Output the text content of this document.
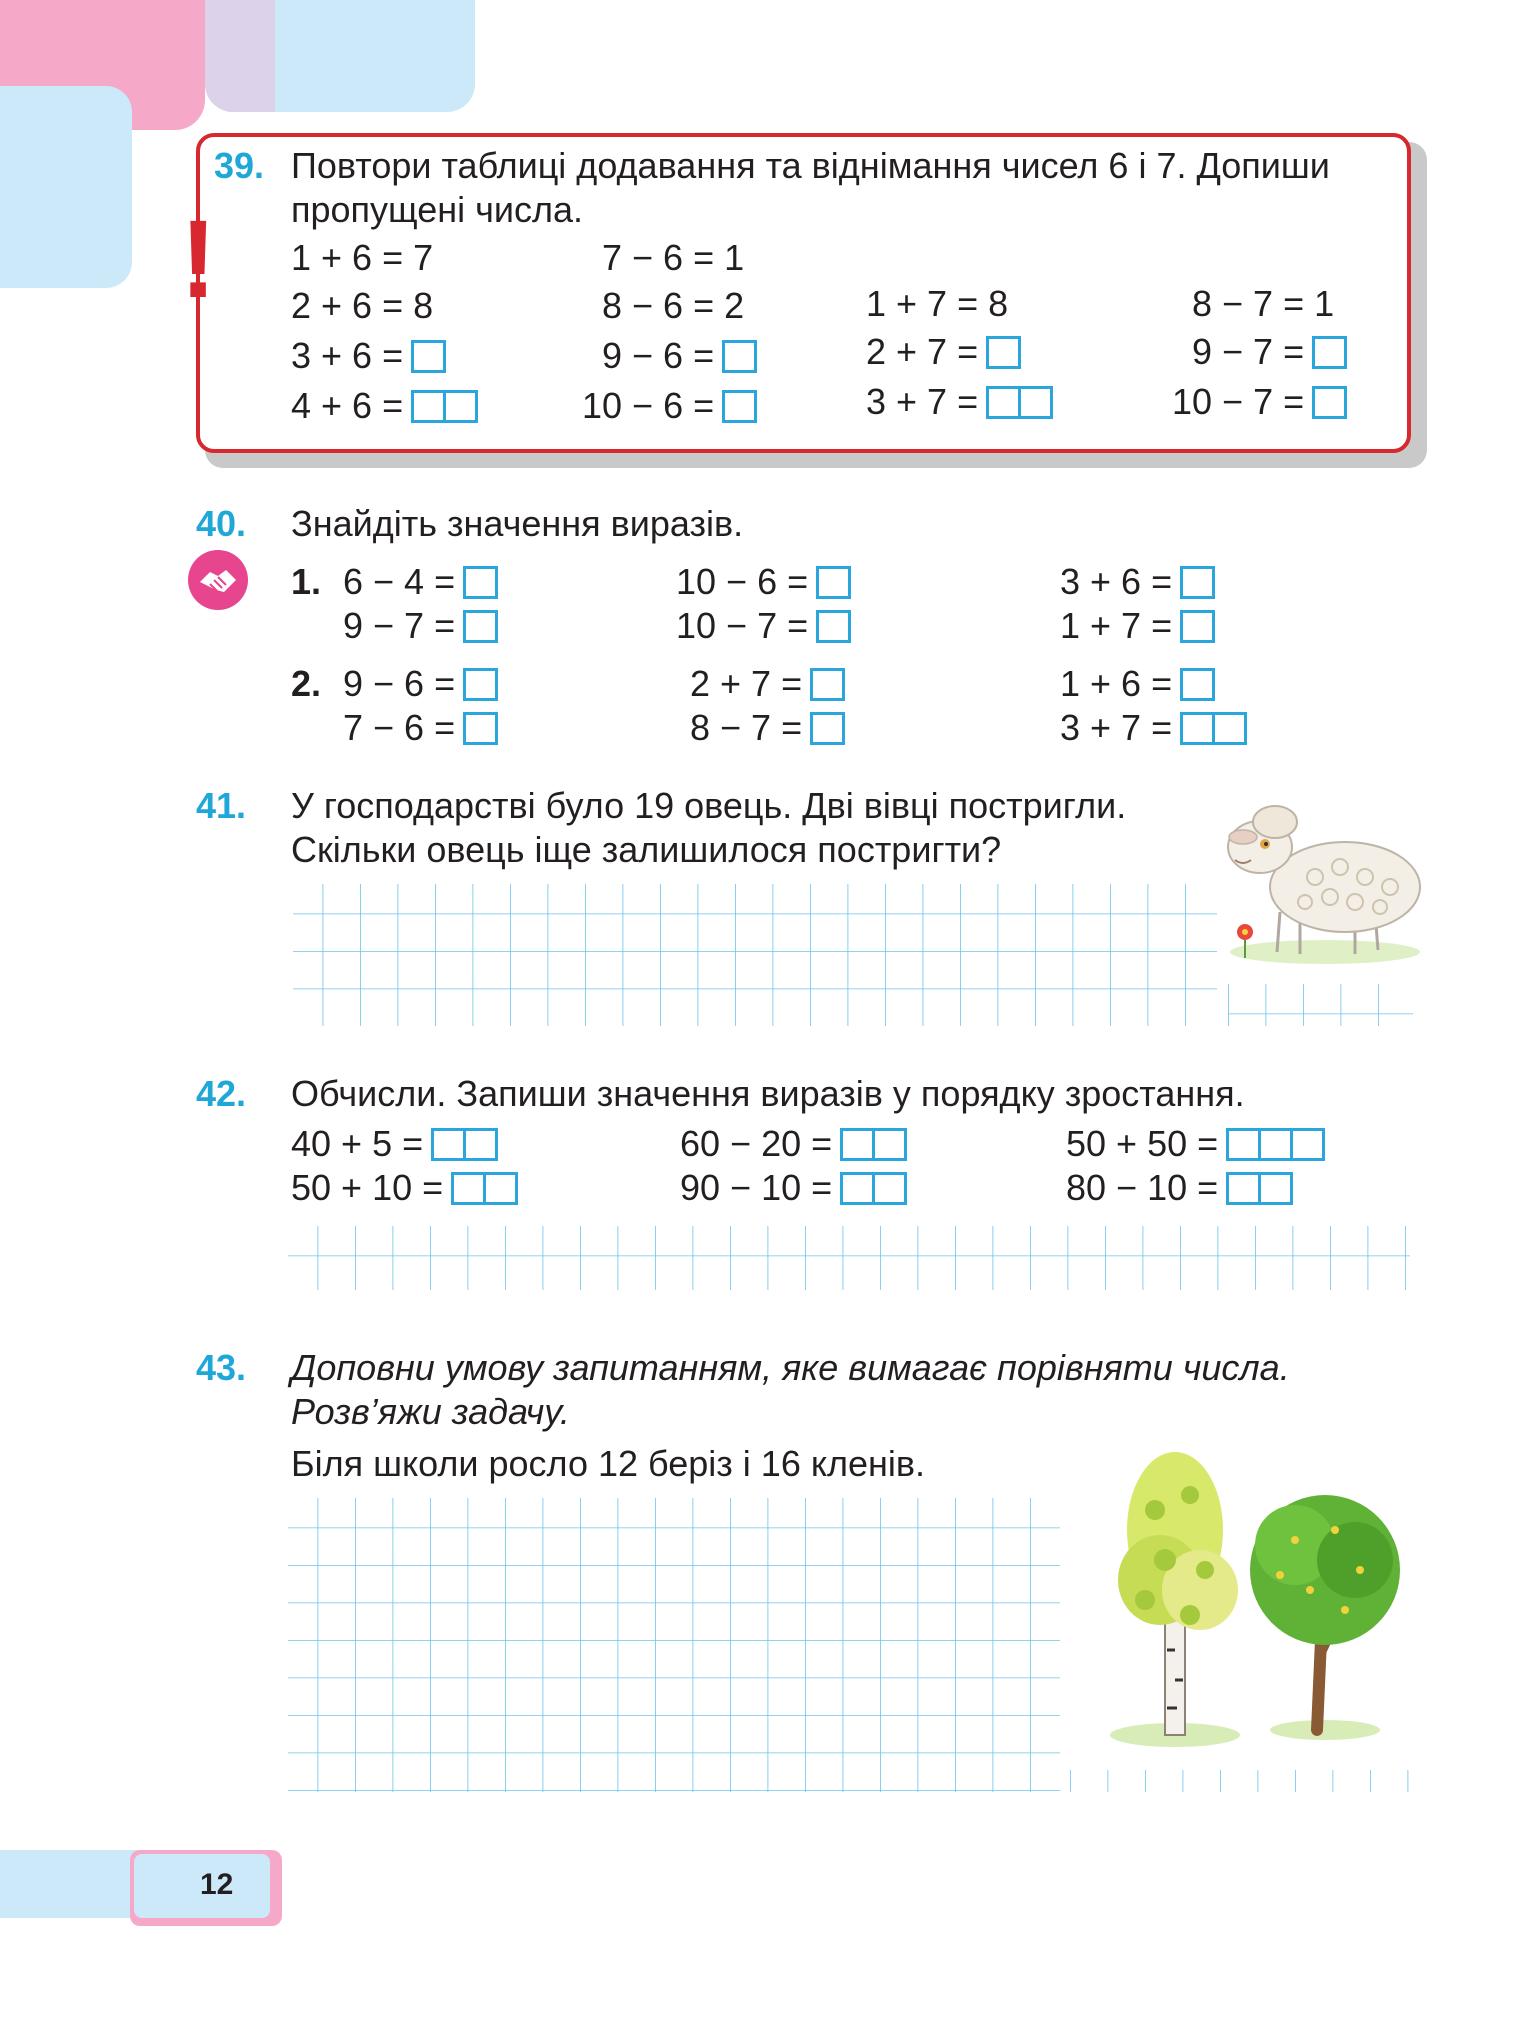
39.
!
Повтори таблиці додавання та віднімання чисел 6 і 7. Допиши
пропущені числа.
1 + 6 = 7
2 + 6 = 8
3 + 6 =
4 + 6 =
7 − 6 = 1
8 − 6 = 2
9 − 6 =
10 − 6 =
1 + 7 = 8
2 + 7 =
3 + 7 =
8 − 7 = 1
9 − 7 =
10 − 7 =
40. Знайдіть значення виразів.
1.
2.
6 − 4 =
9 − 7 =
10 − 6 =
10 − 7 =
3 + 6 =
1 + 7 =
9 − 6 =
7 − 6 =
2 + 7 =
8 − 7 =
1 + 6 =
3 + 7 =
41. У господарстві було 19 овець. Дві вівці постригли.
Скільки овець іще залишилося постригти?
42. Обчисли. Запиши значення виразів у порядку зростання.
40 + 5 =
50 + 10 =
60 − 20 =
90 − 10 =
50 + 50 =
80 − 10 =
43. Доповни умову запитанням, яке вимагає порівняти числа.
Розв’яжи задачу.
Біля школи росло 12 беріз і 16 кленів.
12
